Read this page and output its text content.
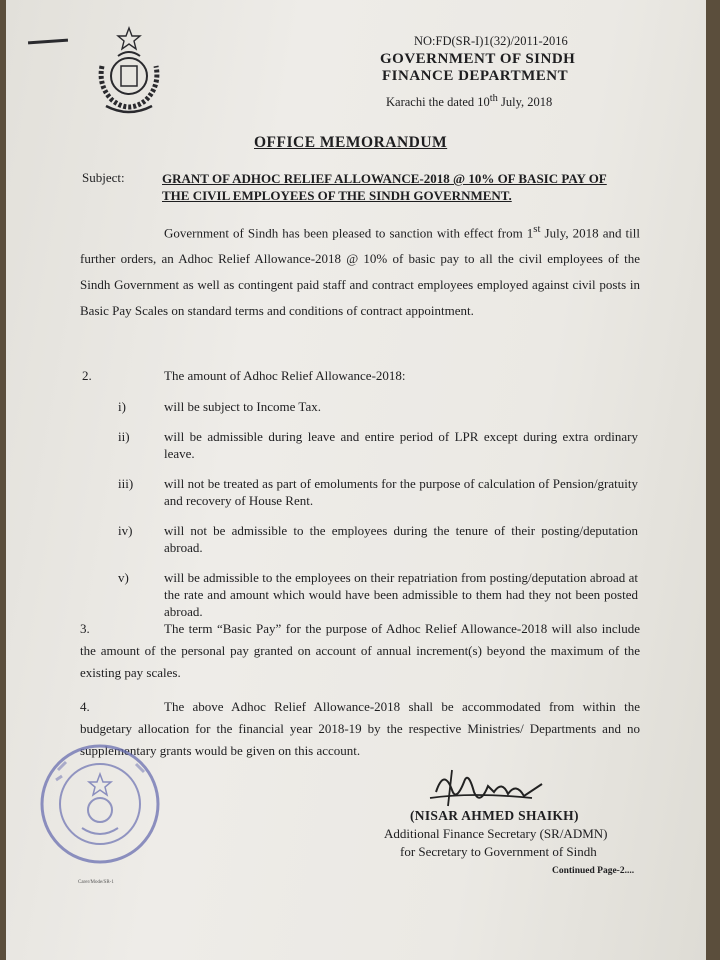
NO:FD(SR-I)1(32)/2011-2016
GOVERNMENT OF SINDH
FINANCE DEPARTMENT
Karachi the dated 10th July, 2018
OFFICE MEMORANDUM
Subject:	GRANT OF ADHOC RELIEF ALLOWANCE-2018 @ 10% OF BASIC PAY OF THE CIVIL EMPLOYEES OF THE SINDH GOVERNMENT.
Government of Sindh has been pleased to sanction with effect from 1st July, 2018 and till further orders, an Adhoc Relief Allowance-2018 @ 10% of basic pay to all the civil employees of the Sindh Government as well as contingent paid staff and contract employees employed against civil posts in Basic Pay Scales on standard terms and conditions of contract appointment.
2.	The amount of Adhoc Relief Allowance-2018:
i)	will be subject to Income Tax.
ii)	will be admissible during leave and entire period of LPR except during extra ordinary leave.
iii)	will not be treated as part of emoluments for the purpose of calculation of Pension/gratuity and recovery of House Rent.
iv)	will not be admissible to the employees during the tenure of their posting/deputation abroad.
v)	will be admissible to the employees on their repatriation from posting/deputation abroad at the rate and amount which would have been admissible to them had they not been posted abroad.
3.	The term “Basic Pay” for the purpose of Adhoc Relief Allowance-2018 will also include the amount of the personal pay granted on account of annual increment(s) beyond the maximum of the existing pay scales.
4.	The above Adhoc Relief Allowance-2018 shall be accommodated from within the budgetary allocation for the financial year 2018-19 by the respective Ministries/ Departments and no supplementary grants would be given on this account.
(NISAR AHMED SHAIKH)
Additional Finance Secretary (SR/ADMN)
for Secretary to Government of Sindh
Continued Page-2....
Carer/Mode/SR-1
